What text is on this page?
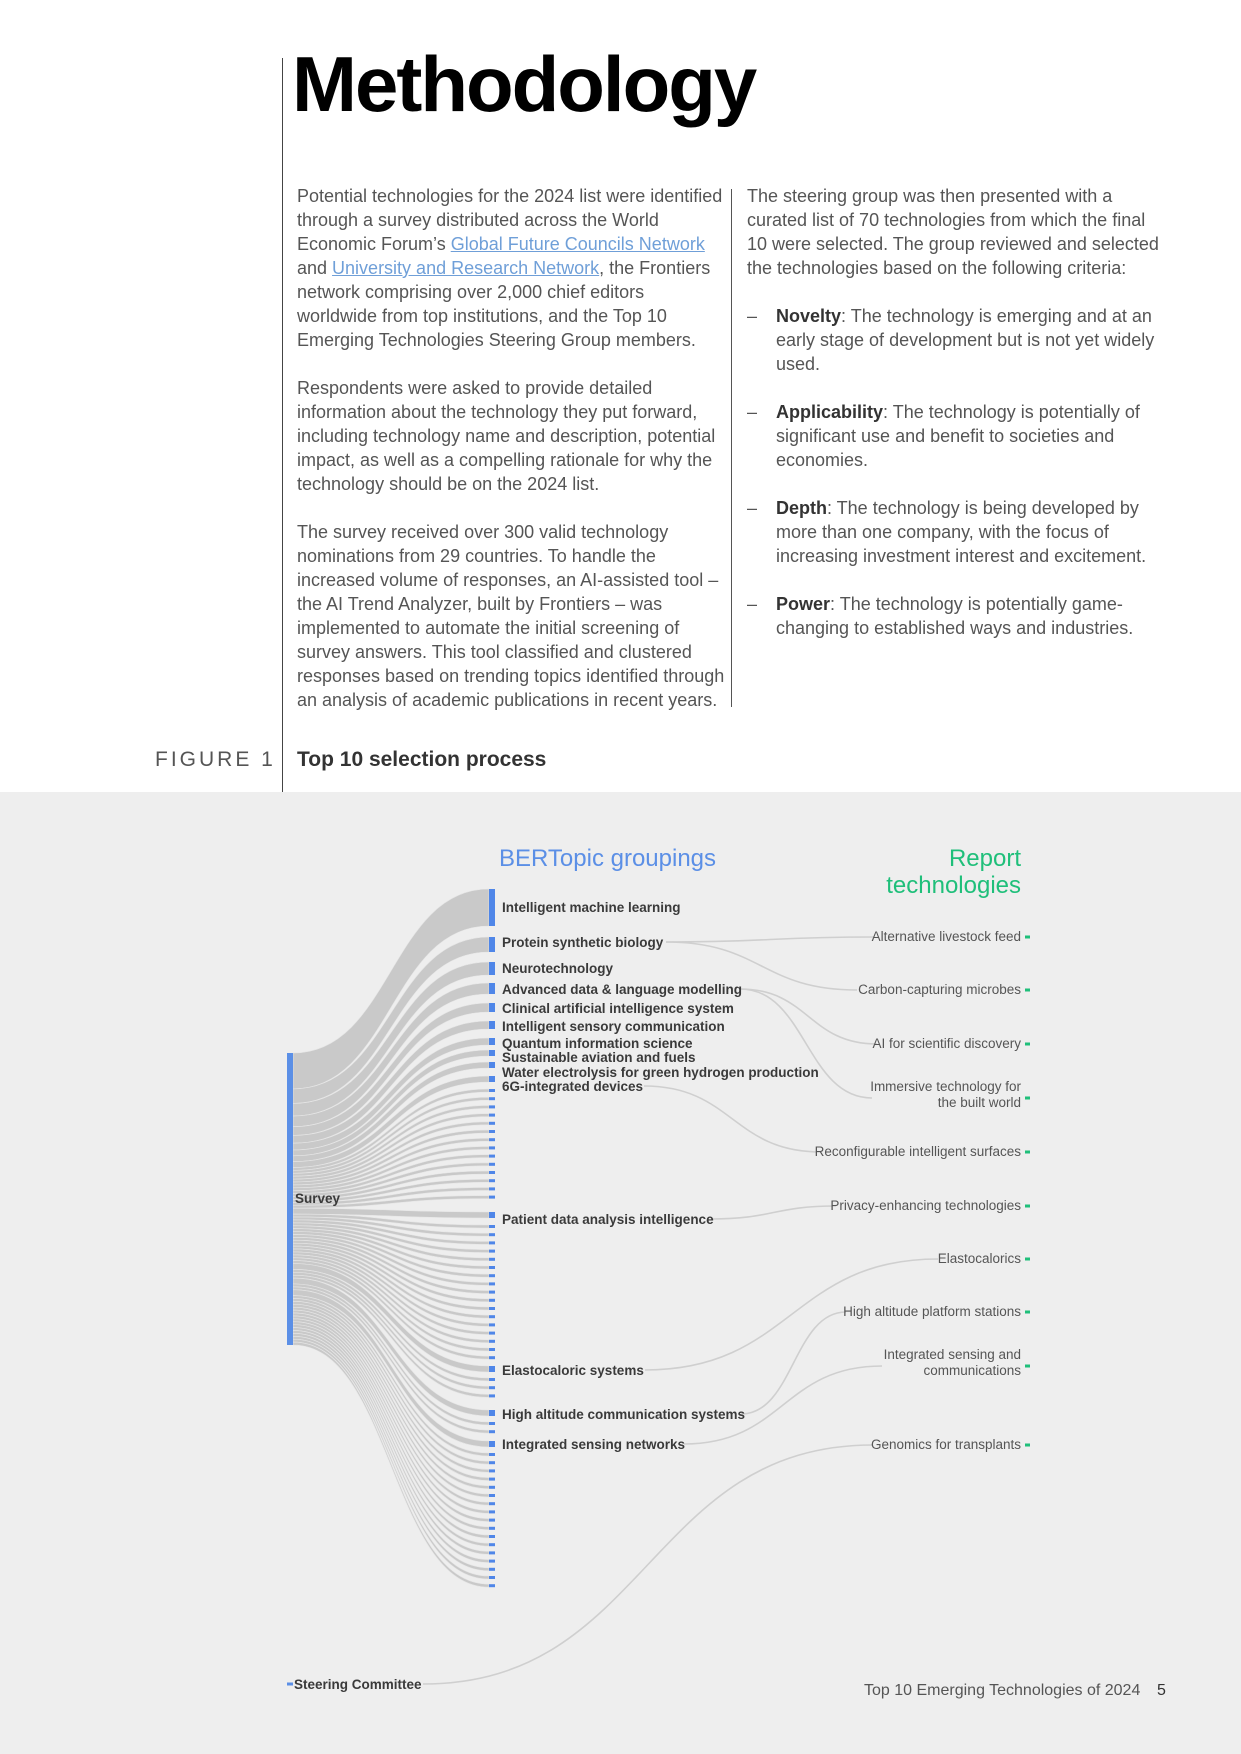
Methodology

Potential technologies for the 2024 list were identified through a survey distributed across the World Economic Forum’s Global Future Councils Network and University and Research Network, the Frontiers network comprising over 2,000 chief editors worldwide from top institutions, and the Top 10 Emerging Technologies Steering Group members.

Respondents were asked to provide detailed information about the technology they put forward, including technology name and description, potential impact, as well as a compelling rationale for why the technology should be on the 2024 list.

The survey received over 300 valid technology nominations from 29 countries. To handle the increased volume of responses, an AI-assisted tool – the AI Trend Analyzer, built by Frontiers – was implemented to automate the initial screening of survey answers. This tool classified and clustered responses based on trending topics identified through an analysis of academic publications in recent years.

The steering group was then presented with a curated list of 70 technologies from which the final 10 were selected. The group reviewed and selected the technologies based on the following criteria:

– Novelty: The technology is emerging and at an early stage of development but is not yet widely used.
– Applicability: The technology is potentially of significant use and benefit to societies and economies.
– Depth: The technology is being developed by more than one company, with the focus of increasing investment interest and excitement.
– Power: The technology is potentially game-changing to established ways and industries.
FIGURE 1 Top 10 selection process
Intelligent machine learning
Protein synthetic biology
Neurotechnology
Advanced data & language modelling
Clinical artificial intelligence system
Intelligent sensory communication
Quantum information science
Sustainable aviation and fuels
Water electrolysis for green hydrogen production
6G-integrated devices
Patient data analysis intelligence
Elastocaloric systems
High altitude communication systems
Integrated sensing networks
Survey
Steering Committee
Alternative livestock feed
Carbon-capturing microbes
AI for scientific discovery
Immersive technology for
the built world
Reconfigurable intelligent surfaces
Privacy-enhancing technologies
Elastocalorics
High altitude platform stations
Integrated sensing and
communications
Genomics for transplants
BERTopic groupings	Report
technologies
Top 10 Emerging Technologies of 2024 5
